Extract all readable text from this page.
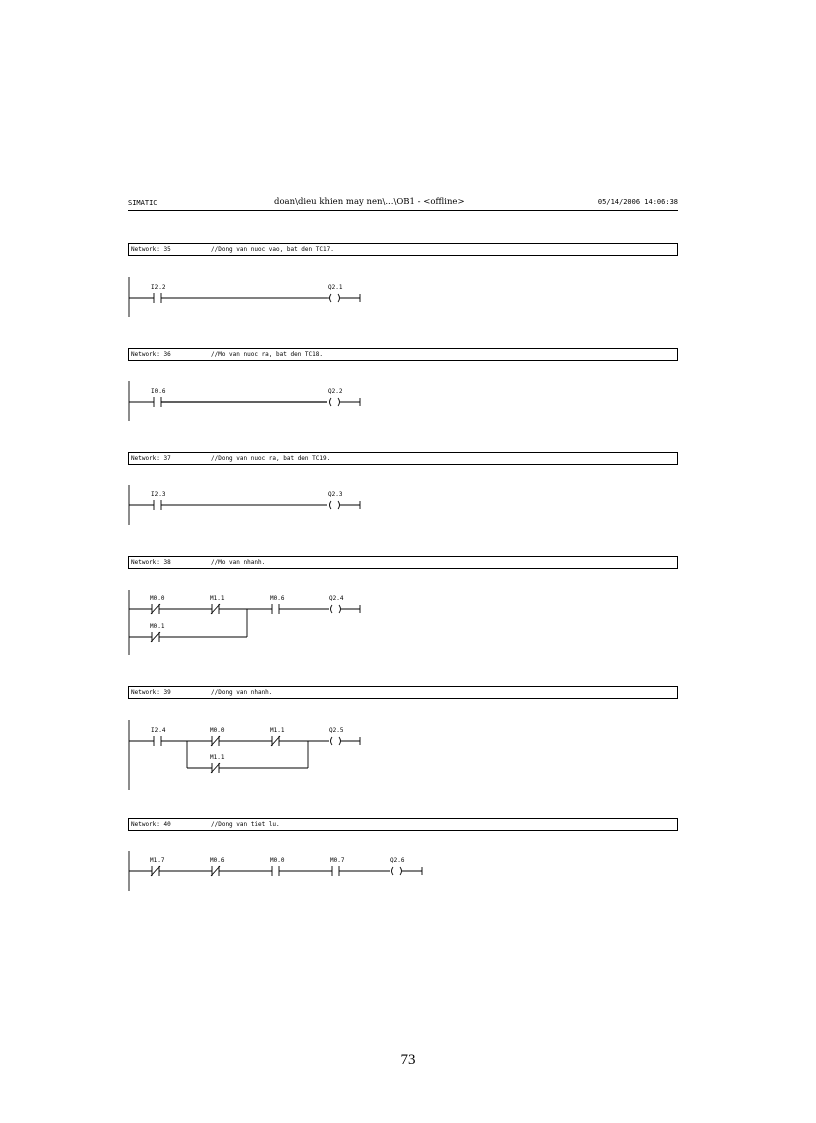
SIMATIC	doan\dieu khien may nen\...\OB1 - <offline>	05/14/2006 14:06:38
Network: 35	//Dong van nuoc vao, bat den TC17.
Network: 36	//Mo van nuoc ra, bat den TC18.
Network: 37	//Dong van nuoc ra, bat den TC19.
Network: 38	//Mo van nhanh.
Network: 39	//Dong van nhanh.
Network: 40	//Dong van tiet lu.
I2.2	Q2.1
I0.6	Q2.2
I2.3	Q2.3
M0.0	M1.1	M0.6
M0.1
Q2.4
I2.4	M0.0	M1.1
M1.1
Q2.5
M1.7	M0.6	M0.0	M0.7	Q2.6
73
